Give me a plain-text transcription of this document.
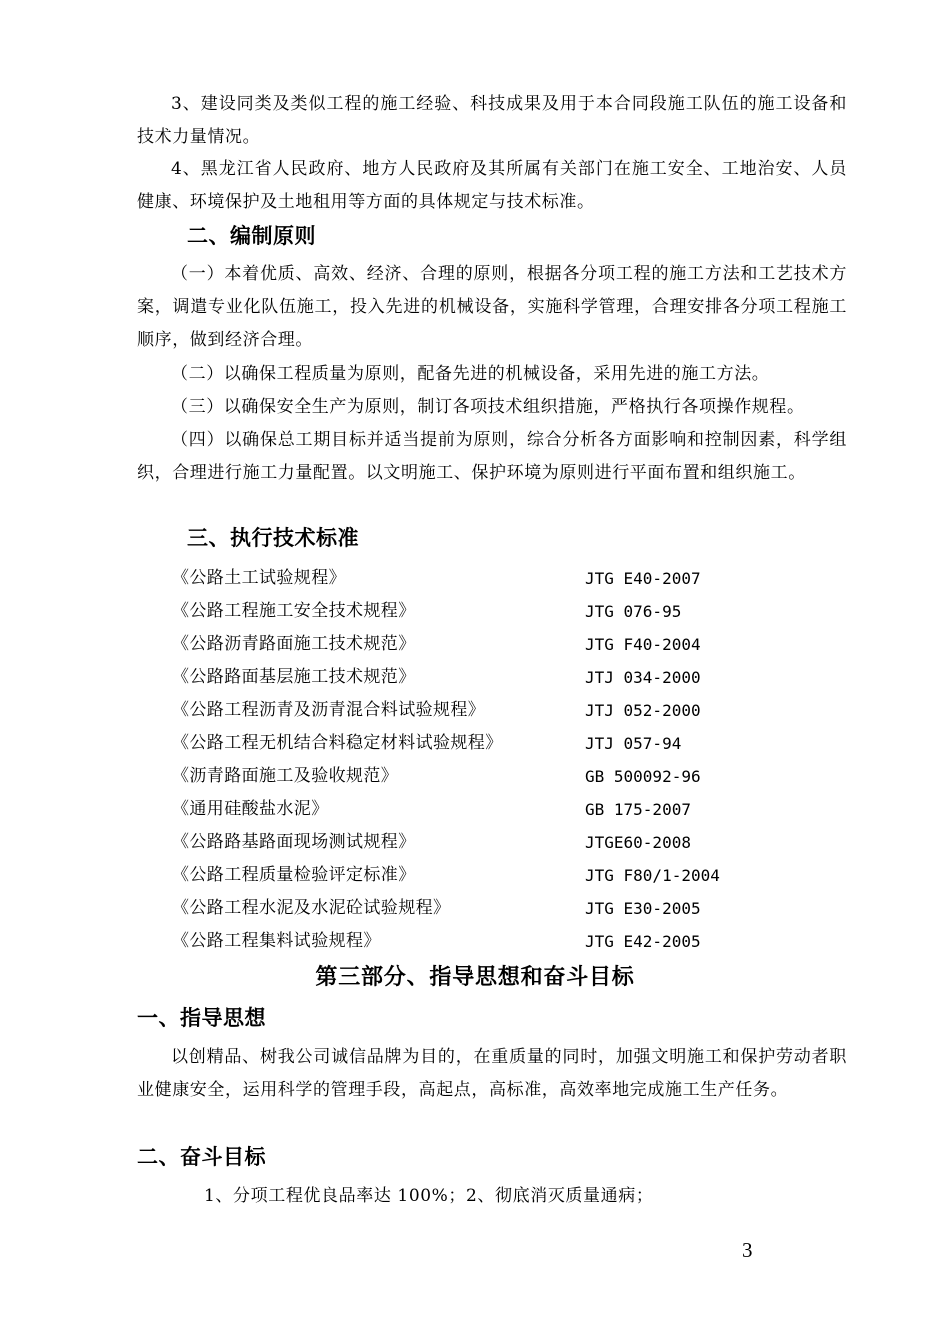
3、建设同类及类似工程的施工经验、科技成果及用于本合同段施工队伍的施工设备和技术力量情况。

4、黑龙江省人民政府、地方人民政府及其所属有关部门在施工安全、工地治安、人员健康、环境保护及土地租用等方面的具体规定与技术标准。

二、编制原则

（一）本着优质、高效、经济、合理的原则，根据各分项工程的施工方法和工艺技术方案，调遣专业化队伍施工，投入先进的机械设备，实施科学管理，合理安排各分项工程施工顺序，做到经济合理。

（二）以确保工程质量为原则，配备先进的机械设备，采用先进的施工方法。

（三）以确保安全生产为原则，制订各项技术组织措施，严格执行各项操作规程。

（四）以确保总工期目标并适当提前为原则，综合分析各方面影响和控制因素，科学组织，合理进行施工力量配置。以文明施工、保护环境为原则进行平面布置和组织施工。

三、执行技术标准
《公路土工试验规程》	JTG E40-2007
《公路工程施工安全技术规程》	JTG 076-95
《公路沥青路面施工技术规范》	JTG F40-2004
《公路路面基层施工技术规范》	JTJ 034-2000
《公路工程沥青及沥青混合料试验规程》	JTJ 052-2000
《公路工程无机结合料稳定材料试验规程》	JTJ 057-94
《沥青路面施工及验收规范》	GB 500092-96
《通用硅酸盐水泥》	GB 175-2007
《公路路基路面现场测试规程》	JTGE60-2008
《公路工程质量检验评定标准》	JTG F80/1-2004
《公路工程水泥及水泥砼试验规程》	JTG E30-2005
《公路工程集料试验规程》	JTG E42-2005
第三部分、指导思想和奋斗目标
一、指导思想

以创精品、树我公司诚信品牌为目的，在重质量的同时，加强文明施工和保护劳动者职业健康安全，运用科学的管理手段，高起点，高标准，高效率地完成施工生产任务。

二、奋斗目标

1、分项工程优良品率达 100%；2、彻底消灭质量通病；

3
